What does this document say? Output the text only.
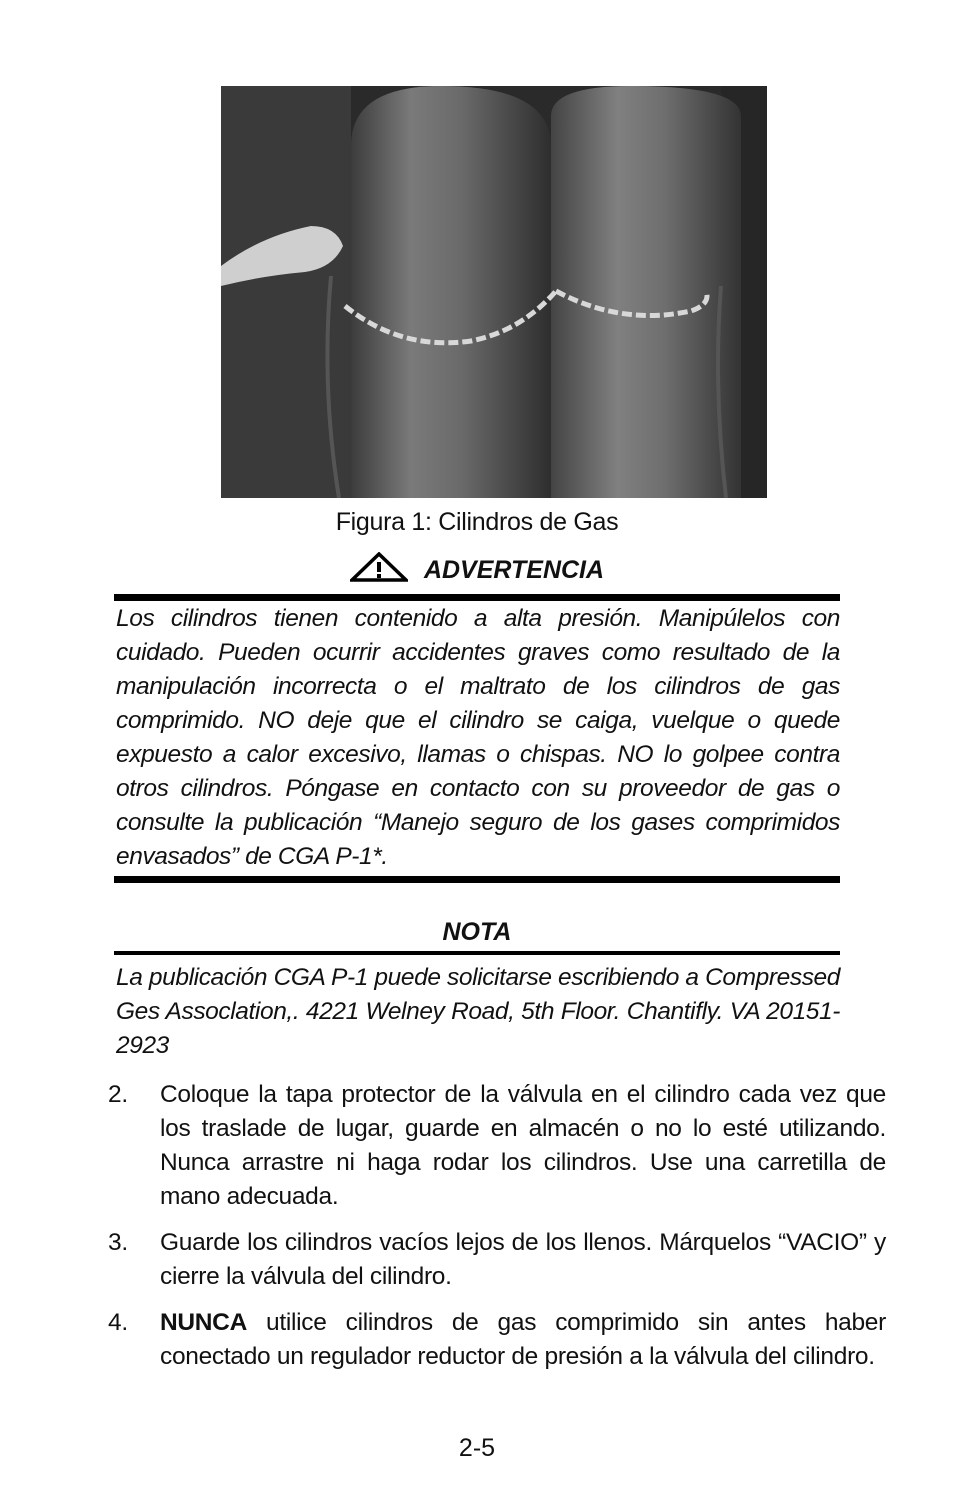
Figura 1: Cilindros de Gas
ADVERTENCIA
Los cilindros tienen contenido a alta presión. Manipúlelos con cuidado. Pueden ocurrir accidentes graves como resultado de la manipulación incorrecta o el maltrato de los cilindros de gas comprimido. NO deje que el cilindro se caiga, vuelque o quede expuesto a calor excesivo, llamas o chispas. NO lo golpee contra otros cilindros. Póngase en contacto con su proveedor de gas o consulte la publicación “Manejo seguro de los gases comprimidos envasados” de CGA P-1*.
NOTA
La publicación CGA P-1 puede solicitarse escribiendo a Compressed Ges Assoclation,. 4221 Welney Road, 5th Floor. Chantifly. VA 20151-2923
2. Coloque la tapa protector de la válvula en el cilindro cada vez que los traslade de lugar, guarde en almacén o no lo esté utilizando. Nunca arrastre ni haga rodar los cilindros. Use una carretilla de mano adecuada.
3. Guarde los cilindros vacíos lejos de los llenos. Márquelos “VACIO” y cierre la válvula del cilindro.
4. NUNCA utilice cilindros de gas comprimido sin antes haber conectado un regulador reductor de presión a la válvula del cilindro.
2-5
